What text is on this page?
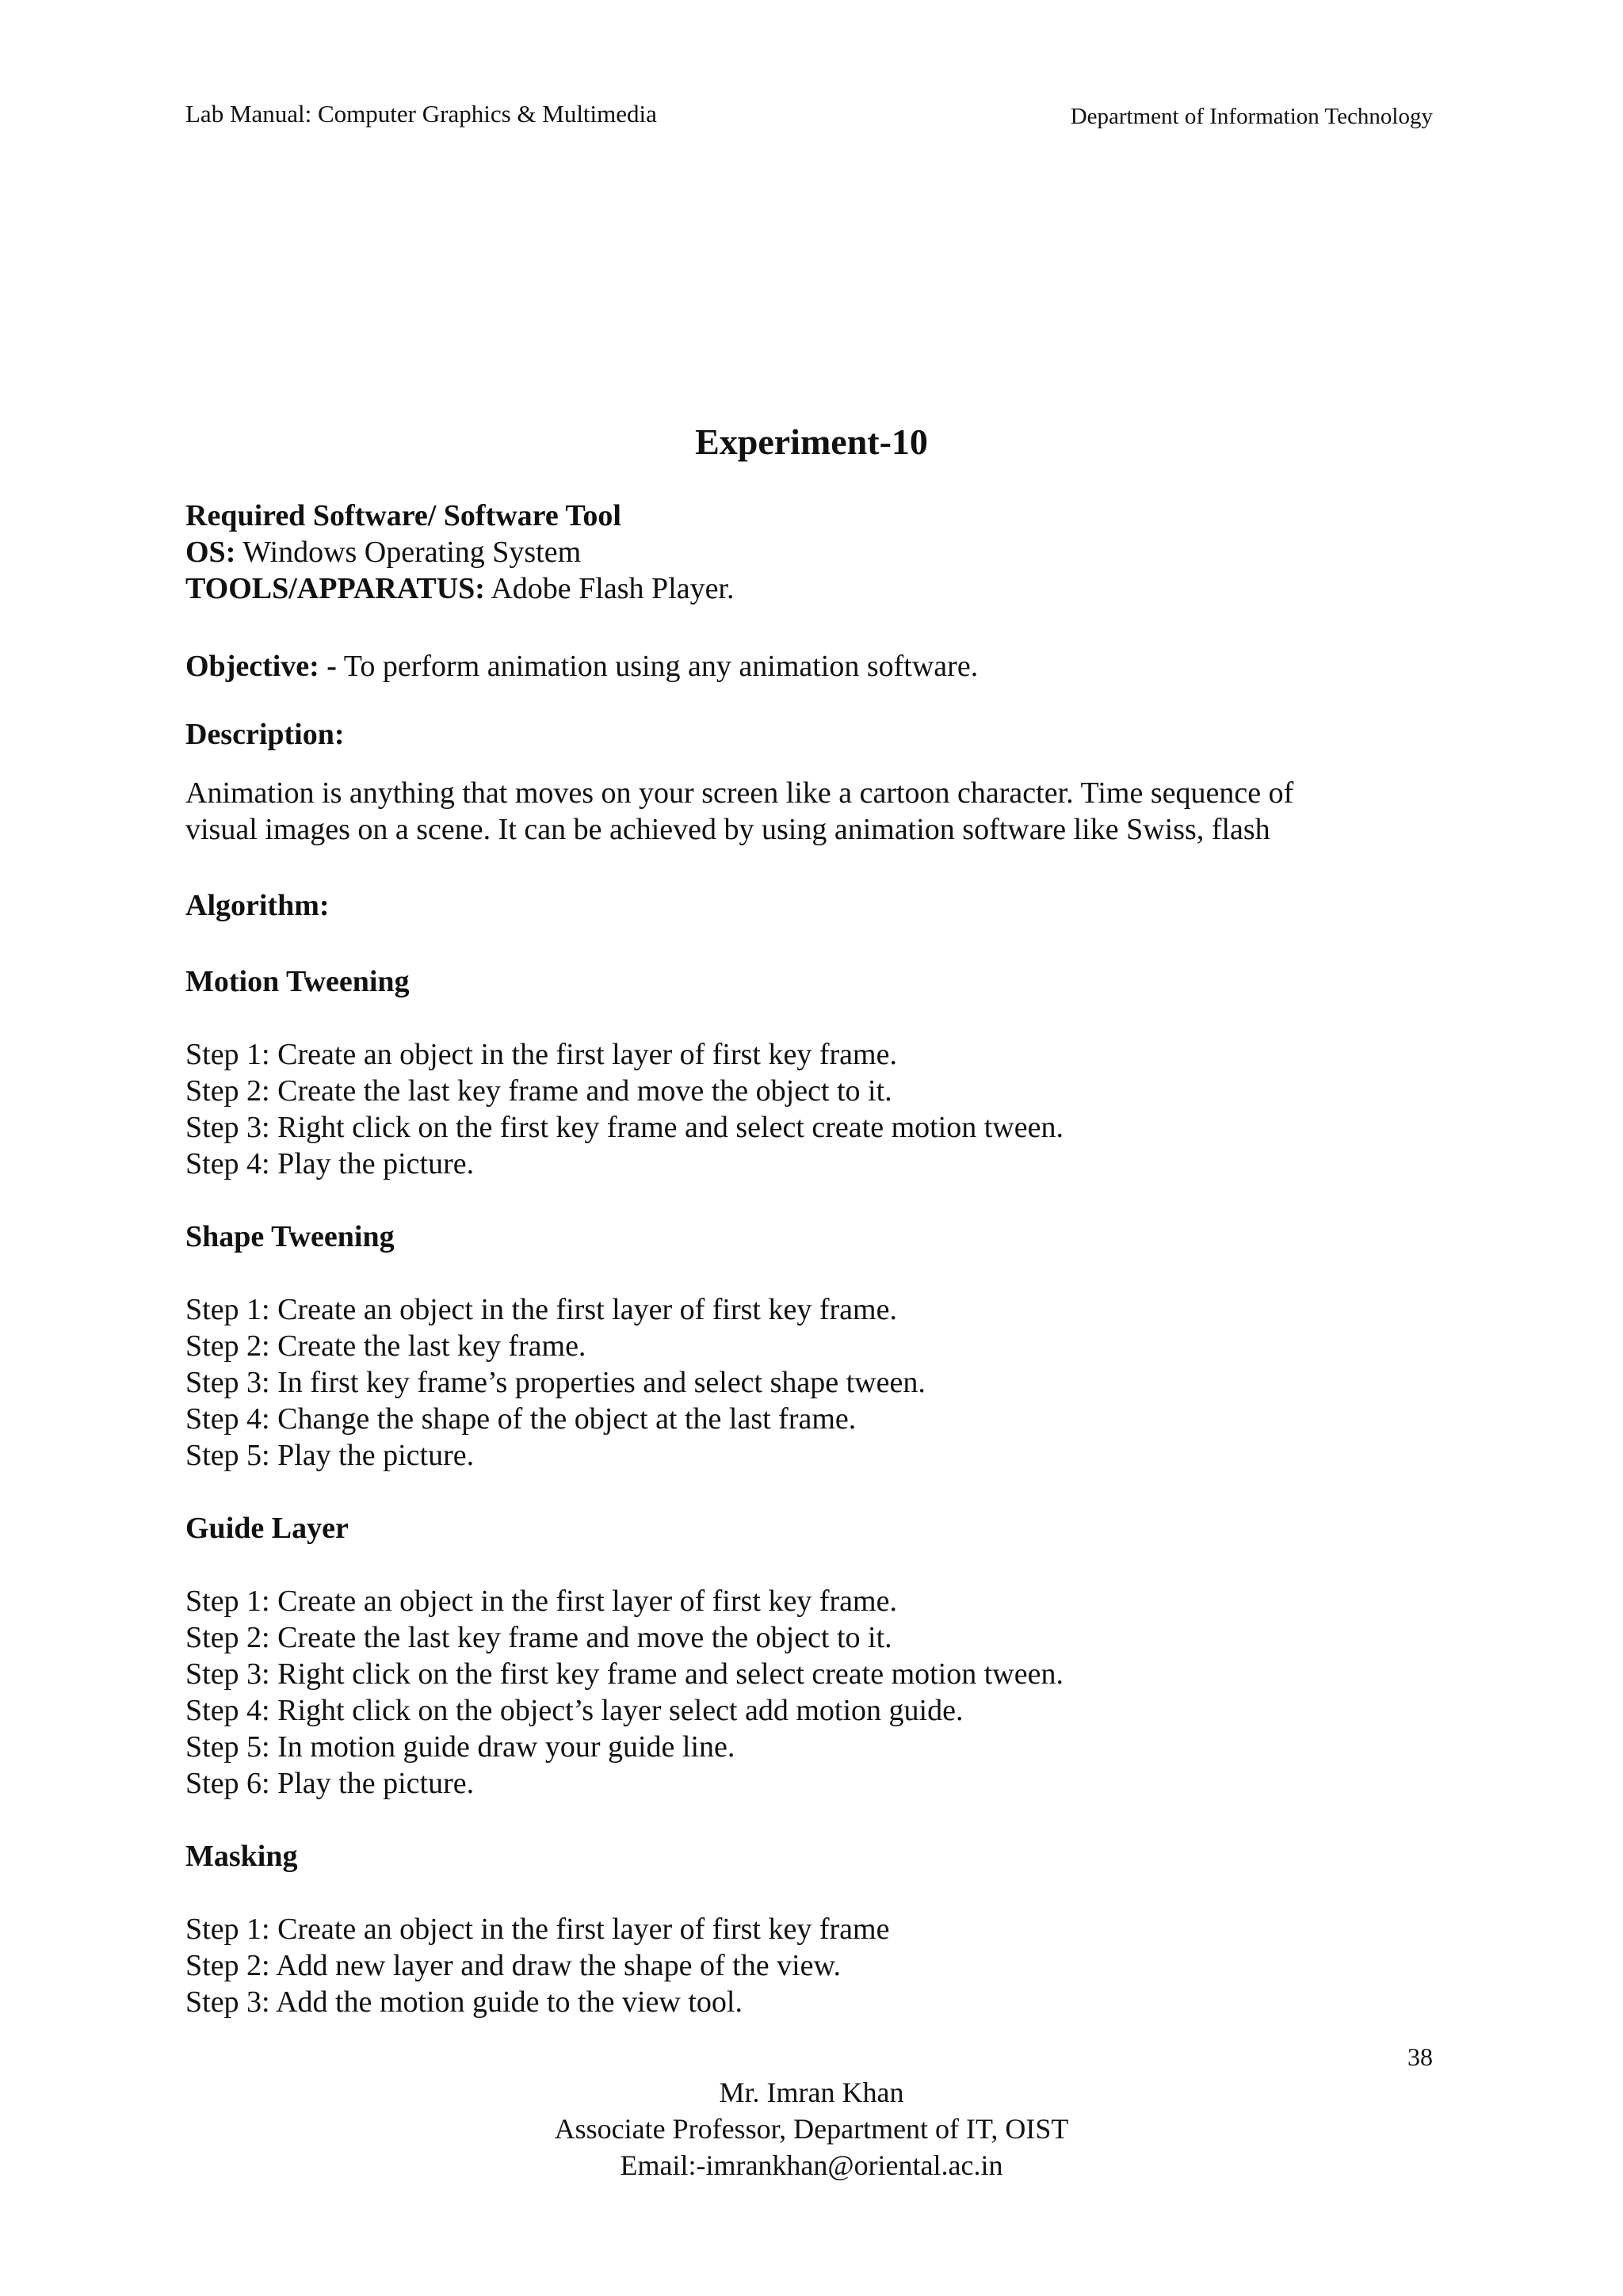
Lab Manual: Computer Graphics & Multimedia	Department of Information Technology
Experiment-10

Required Software/ Software Tool

OS: Windows Operating System

TOOLS/APPARATUS: Adobe Flash Player.

Objective: - To perform animation using any animation software.

Description:

Animation is anything that moves on your screen like a cartoon character. Time sequence of

visual images on a scene. It can be achieved by using animation software like Swiss, flash

Algorithm:

Motion Tweening

Step 1: Create an object in the first layer of first key frame.

Step 2: Create the last key frame and move the object to it.

Step 3: Right click on the first key frame and select create motion tween.

Step 4: Play the picture.

Shape Tweening

Step 1: Create an object in the first layer of first key frame.

Step 2: Create the last key frame.

Step 3: In first key frame’s properties and select shape tween.

Step 4: Change the shape of the object at the last frame.

Step 5: Play the picture.

Guide Layer

Step 1: Create an object in the first layer of first key frame.

Step 2: Create the last key frame and move the object to it.

Step 3: Right click on the first key frame and select create motion tween.

Step 4: Right click on the object’s layer select add motion guide.

Step 5: In motion guide draw your guide line.

Step 6: Play the picture.

Masking

Step 1: Create an object in the first layer of first key frame

Step 2: Add new layer and draw the shape of the view.

Step 3: Add the motion guide to the view tool.

38

Mr. Imran Khan

Associate Professor, Department of IT, OIST

Email:-imrankhan@oriental.ac.in
